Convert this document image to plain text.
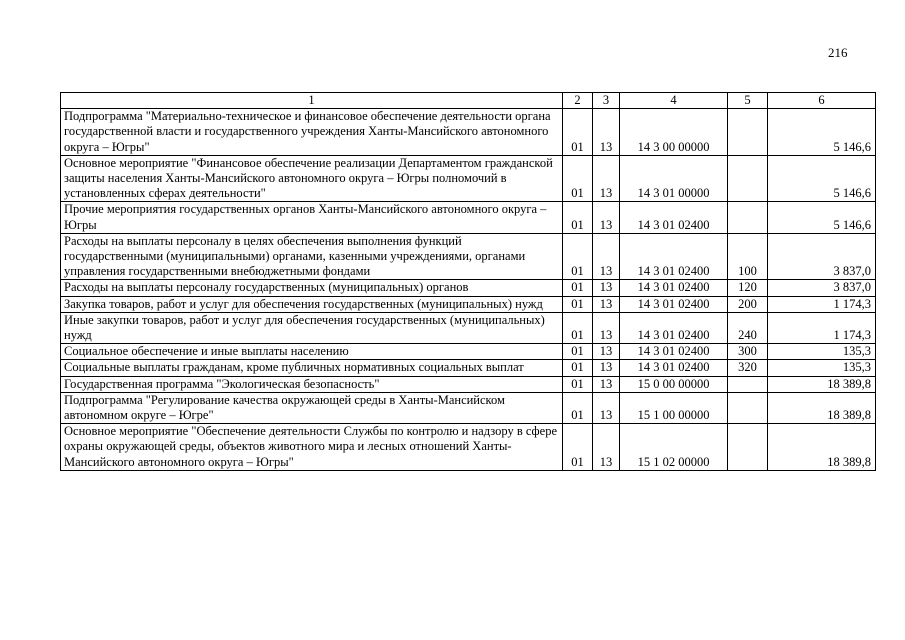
216
1	2	3	4	5	6
Подпрограмма "Материально-техническое и финансовое обеспечение деятельности органа государственной власти и государственного учреждения Ханты-Мансийского автономного округа – Югры"	01	13	14 3 00 00000		5 146,6
Основное мероприятие "Финансовое обеспечение реализации Департаментом гражданской защиты населения Ханты-Мансийского автономного округа – Югры полномочий в установленных сферах деятельности"	01	13	14 3 01 00000		5 146,6
Прочие мероприятия государственных органов Ханты-Мансийского автономного округа – Югры	01	13	14 3 01 02400		5 146,6
Расходы на выплаты персоналу в целях обеспечения выполнения функций государственными (муниципальными) органами, казенными учреждениями, органами управления государственными внебюджетными фондами	01	13	14 3 01 02400	100	3 837,0
Расходы на выплаты персоналу государственных (муниципальных) органов	01	13	14 3 01 02400	120	3 837,0
Закупка товаров, работ и услуг для обеспечения государственных (муниципальных) нужд	01	13	14 3 01 02400	200	1 174,3
Иные закупки товаров, работ и услуг для обеспечения государственных (муниципальных) нужд	01	13	14 3 01 02400	240	1 174,3
Социальное обеспечение и иные выплаты населению	01	13	14 3 01 02400	300	135,3
Социальные выплаты гражданам, кроме публичных нормативных социальных выплат	01	13	14 3 01 02400	320	135,3
Государственная программа "Экологическая безопасность"	01	13	15 0 00 00000		18 389,8
Подпрограмма "Регулирование качества окружающей среды в Ханты-Мансийском автономном округе – Югре"	01	13	15 1 00 00000		18 389,8
Основное мероприятие "Обеспечение деятельности Службы по контролю и надзору в сфере охраны окружающей среды, объектов животного мира и лесных отношений Ханты-Мансийского автономного округа – Югры"	01	13	15 1 02 00000		18 389,8
